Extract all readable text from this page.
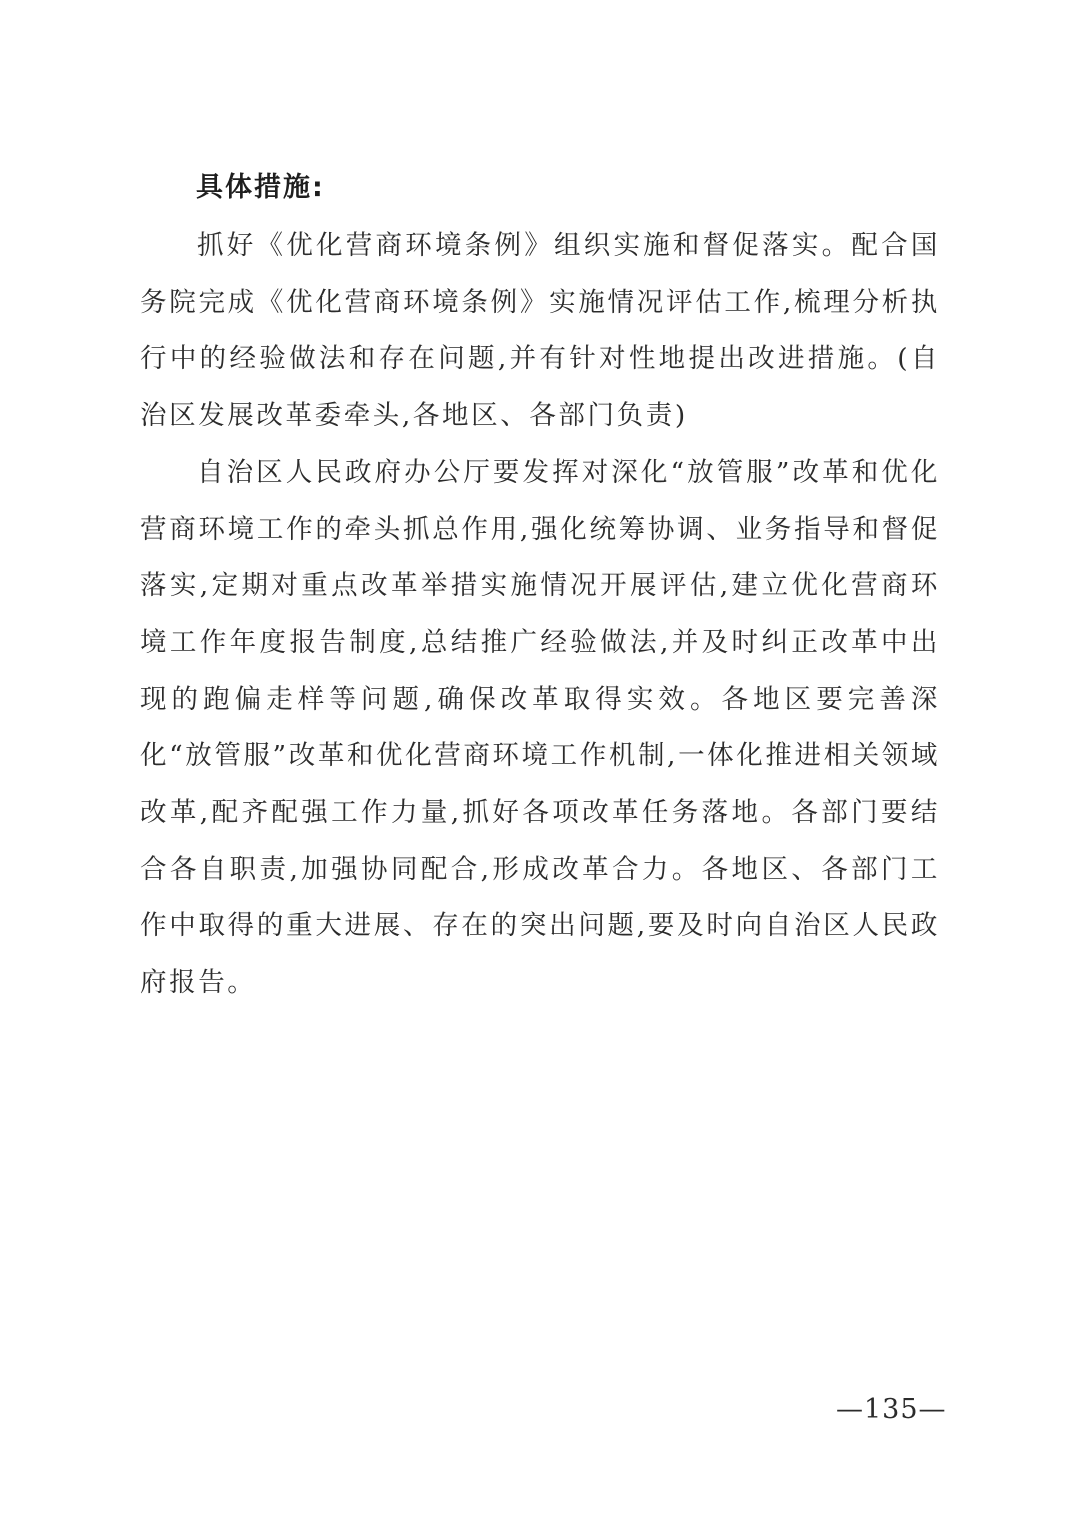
具体措施:

抓好《优化营商环境条例》组织实施和督促落实。配合国务院完成《优化营商环境条例》实施情况评估工作,梳理分析执行中的经验做法和存在问题,并有针对性地提出改进措施。(自治区发展改革委牵头,各地区、各部门负责)

自治区人民政府办公厅要发挥对深化“放管服”改革和优化营商环境工作的牵头抓总作用,强化统筹协调、业务指导和督促落实,定期对重点改革举措实施情况开展评估,建立优化营商环境工作年度报告制度,总结推广经验做法,并及时纠正改革中出现的跑偏走样等问题,确保改革取得实效。各地区要完善深化“放管服”改革和优化营商环境工作机制,一体化推进相关领域改革,配齐配强工作力量,抓好各项改革任务落地。各部门要结合各自职责,加强协同配合,形成改革合力。各地区、各部门工作中取得的重大进展、存在的突出问题,要及时向自治区人民政府报告。

—135—
